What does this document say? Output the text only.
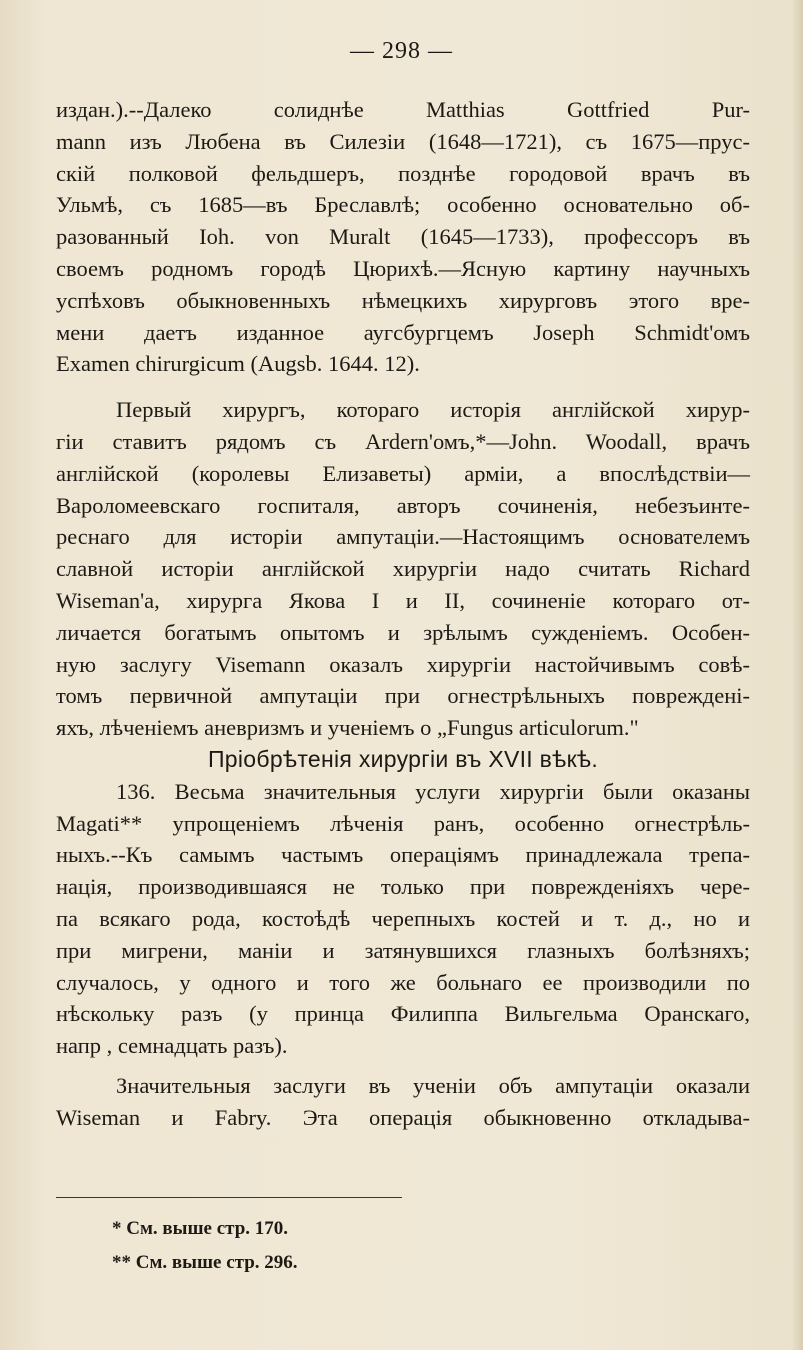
— 298 —

издан.).--Далеко солиднѣе Matthias Gottfried Pur-

mann изъ Любена въ Силезіи (1648—1721), съ 1675—прус-

скій полковой фельдшеръ, позднѣе городовой врачъ въ

Ульмѣ, съ 1685—въ Бреславлѣ; особенно основательно об-

разованный Ioh. von Muralt (1645—1733), профессоръ въ

своемъ родномъ городѣ Цюрихѣ.—Ясную картину научныхъ

успѣховъ обыкновенныхъ нѣмецкихъ хирурговъ этого вре-

мени даетъ изданное аугсбургцемъ Joseph Schmidt'омъ

Examen chirurgicum (Augsb. 1644. 12).

Первый хирургъ, котораго исторія англійской хирур-

гіи ставитъ рядомъ съ Ardern'омъ,*—John. Woodall, врачъ

англійской (королевы Елизаветы) арміи, а впослѣдствіи—

Вароломеевскаго госпиталя, авторъ сочиненія, небезъинте-

реснаго для исторіи ампутаціи.—Настоящимъ основателемъ

славной исторіи англійской хирургіи надо считать Richard

Wiseman'а, хирурга Якова I и II, сочиненіе котораго от-

личается богатымъ опытомъ и зрѣлымъ сужденіемъ. Особен-

ную заслугу Visemann оказалъ хирургіи настойчивымъ совѣ-

томъ первичной ампутаціи при огнестрѣльныхъ поврежденi-

яхъ, лѣченіемъ аневризмъ и ученіемъ о „Fungus articulorum."

Пріобрѣтенія хирургіи въ XVII вѣкѣ.

136. Весьма значительныя услуги хирургіи были оказаны

Magati** упрощеніемъ лѣченія ранъ, особенно огнестрѣль-

ныхъ.--Къ самымъ частымъ операціямъ принадлежала трепа-

нація, производившаяся не только при поврежденіяхъ чере-

па всякаго рода, костоѣдѣ черепныхъ костей и т. д., но и

при мигрени, маніи и затянувшихся глазныхъ болѣзняхъ;

случалось, у одного и того же больнаго ее производили по

нѣскольку разъ (у принца Филиппа Вильгельма Оранскаго,

напр , семнадцать разъ).

Значительныя заслуги въ ученіи объ ампутаціи оказали

Wiseman и Fabry. Эта операція обыкновенно откладыва-

* См. выше стр. 170.
** См. выше стр. 296.
